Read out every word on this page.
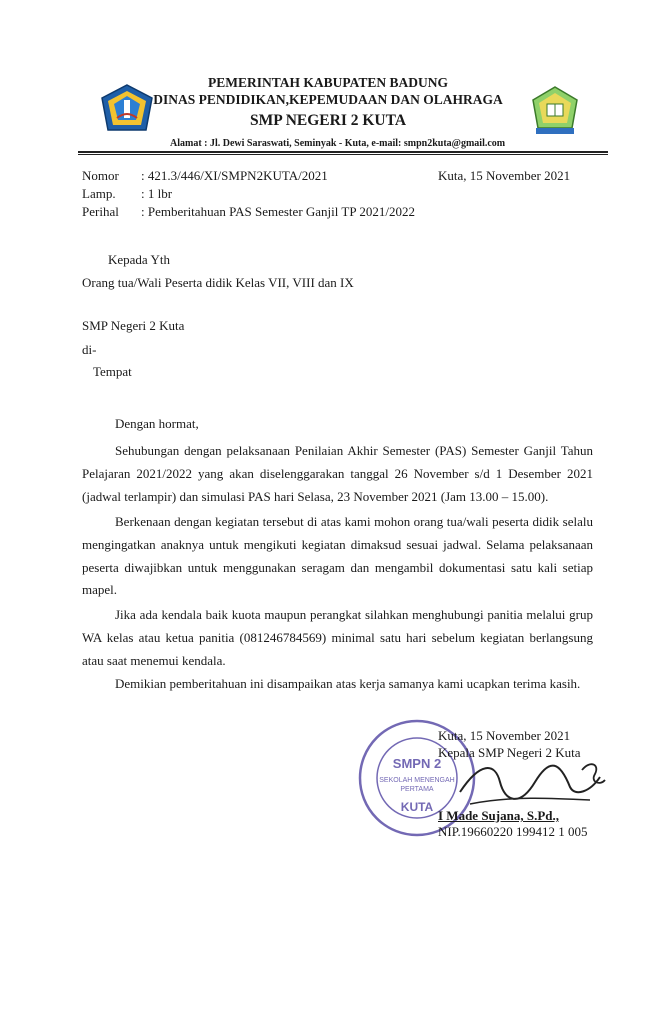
PEMERINTAH KABUPATEN BADUNG
DINAS PENDIDIKAN,KEPEMUDAAN DAN OLAHRAGA
SMP NEGERI 2 KUTA
Alamat : Jl. Dewi Saraswati, Seminyak - Kuta, e-mail: smpn2kuta@gmail.com
Nomor : 421.3/446/XI/SMPN2KUTA/2021	Kuta, 15 November 2021
Lamp. : 1 lbr
Perihal : Pemberitahuan PAS Semester Ganjil TP 2021/2022
Kepada Yth
Orang tua/Wali Peserta didik Kelas VII, VIII dan IX
SMP Negeri 2 Kuta
di-
Tempat
Dengan hormat,
Sehubungan dengan pelaksanaan Penilaian Akhir Semester (PAS) Semester Ganjil Tahun
Pelajaran 2021/2022 yang akan diselenggarakan tanggal 26 November s/d 1 Desember 2021
(jadwal terlampir) dan simulasi PAS hari Selasa, 23 November 2021 (Jam 13.00 – 15.00).
Berkenaan dengan kegiatan tersebut di atas kami mohon orang tua/wali peserta didik selalu
mengingatkan anaknya untuk mengikuti kegiatan dimaksud sesuai jadwal. Selama pelaksanaan
peserta diwajibkan untuk menggunakan seragam dan mengambil dokumentasi satu kali setiap
mapel.
Jika ada kendala baik kuota maupun perangkat silahkan menghubungi panitia melalui grup
WA kelas atau ketua panitia (081246784569) minimal satu hari sebelum kegiatan berlangsung
atau saat menemui kendala.
Demikian pemberitahuan ini disampaikan atas kerja samanya kami ucapkan terima kasih.
SMPN 2
SEKOLAH MENENGAH
PERTAMA
KUTA
Kuta, 15 November 2021
Kepala SMP Negeri 2 Kuta
I Made Sujana, S.Pd.,
NIP.19660220 199412 1 005
